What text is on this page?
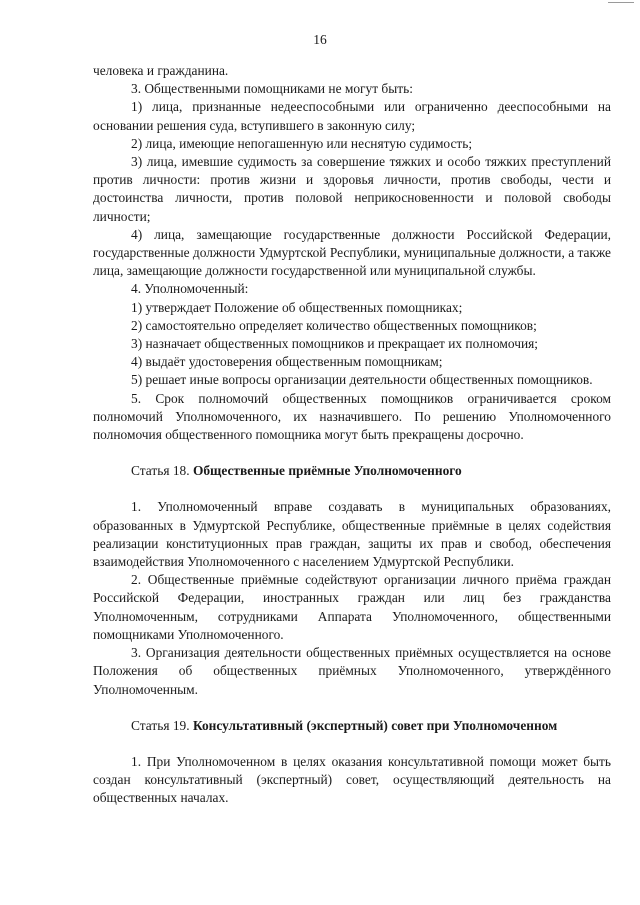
16

человека и гражданина.

3. Общественными помощниками не могут быть:

1) лица, признанные недееспособными или ограниченно дееспособными на основании решения суда, вступившего в законную силу;

2) лица, имеющие непогашенную или неснятую судимость;

3) лица, имевшие судимость за совершение тяжких и особо тяжких преступлений против личности: против жизни и здоровья личности, против свободы, чести и достоинства личности, против половой неприкосновенности и половой свободы личности;

4) лица, замещающие государственные должности Российской Федерации, государственные должности Удмуртской Республики, муниципальные должности, а также лица, замещающие должности государственной или муниципальной службы.

4. Уполномоченный:

1) утверждает Положение об общественных помощниках;

2) самостоятельно определяет количество общественных помощников;

3) назначает общественных помощников и прекращает их полномочия;

4) выдаёт удостоверения общественным помощникам;

5) решает иные вопросы организации деятельности общественных помощников.

5. Срок полномочий общественных помощников ограничивается сроком полномочий Уполномоченного, их назначившего. По решению Уполномоченного полномочия общественного помощника могут быть прекращены досрочно.

Статья 18. Общественные приёмные Уполномоченного

1. Уполномоченный вправе создавать в муниципальных образованиях, образованных в Удмуртской Республике, общественные приёмные в целях содействия реализации конституционных прав граждан, защиты их прав и свобод, обеспечения взаимодействия Уполномоченного с населением Удмуртской Республики.

2. Общественные приёмные содействуют организации личного приёма граждан Российской Федерации, иностранных граждан или лиц без гражданства Уполномоченным, сотрудниками Аппарата Уполномоченного, общественными помощниками Уполномоченного.

3. Организация деятельности общественных приёмных осуществляется на основе Положения об общественных приёмных Уполномоченного, утверждённого Уполномоченным.

Статья 19. Консультативный (экспертный) совет при Уполномоченном

1. При Уполномоченном в целях оказания консультативной помощи может быть создан консультативный (экспертный) совет, осуществляющий деятельность на общественных началах.
